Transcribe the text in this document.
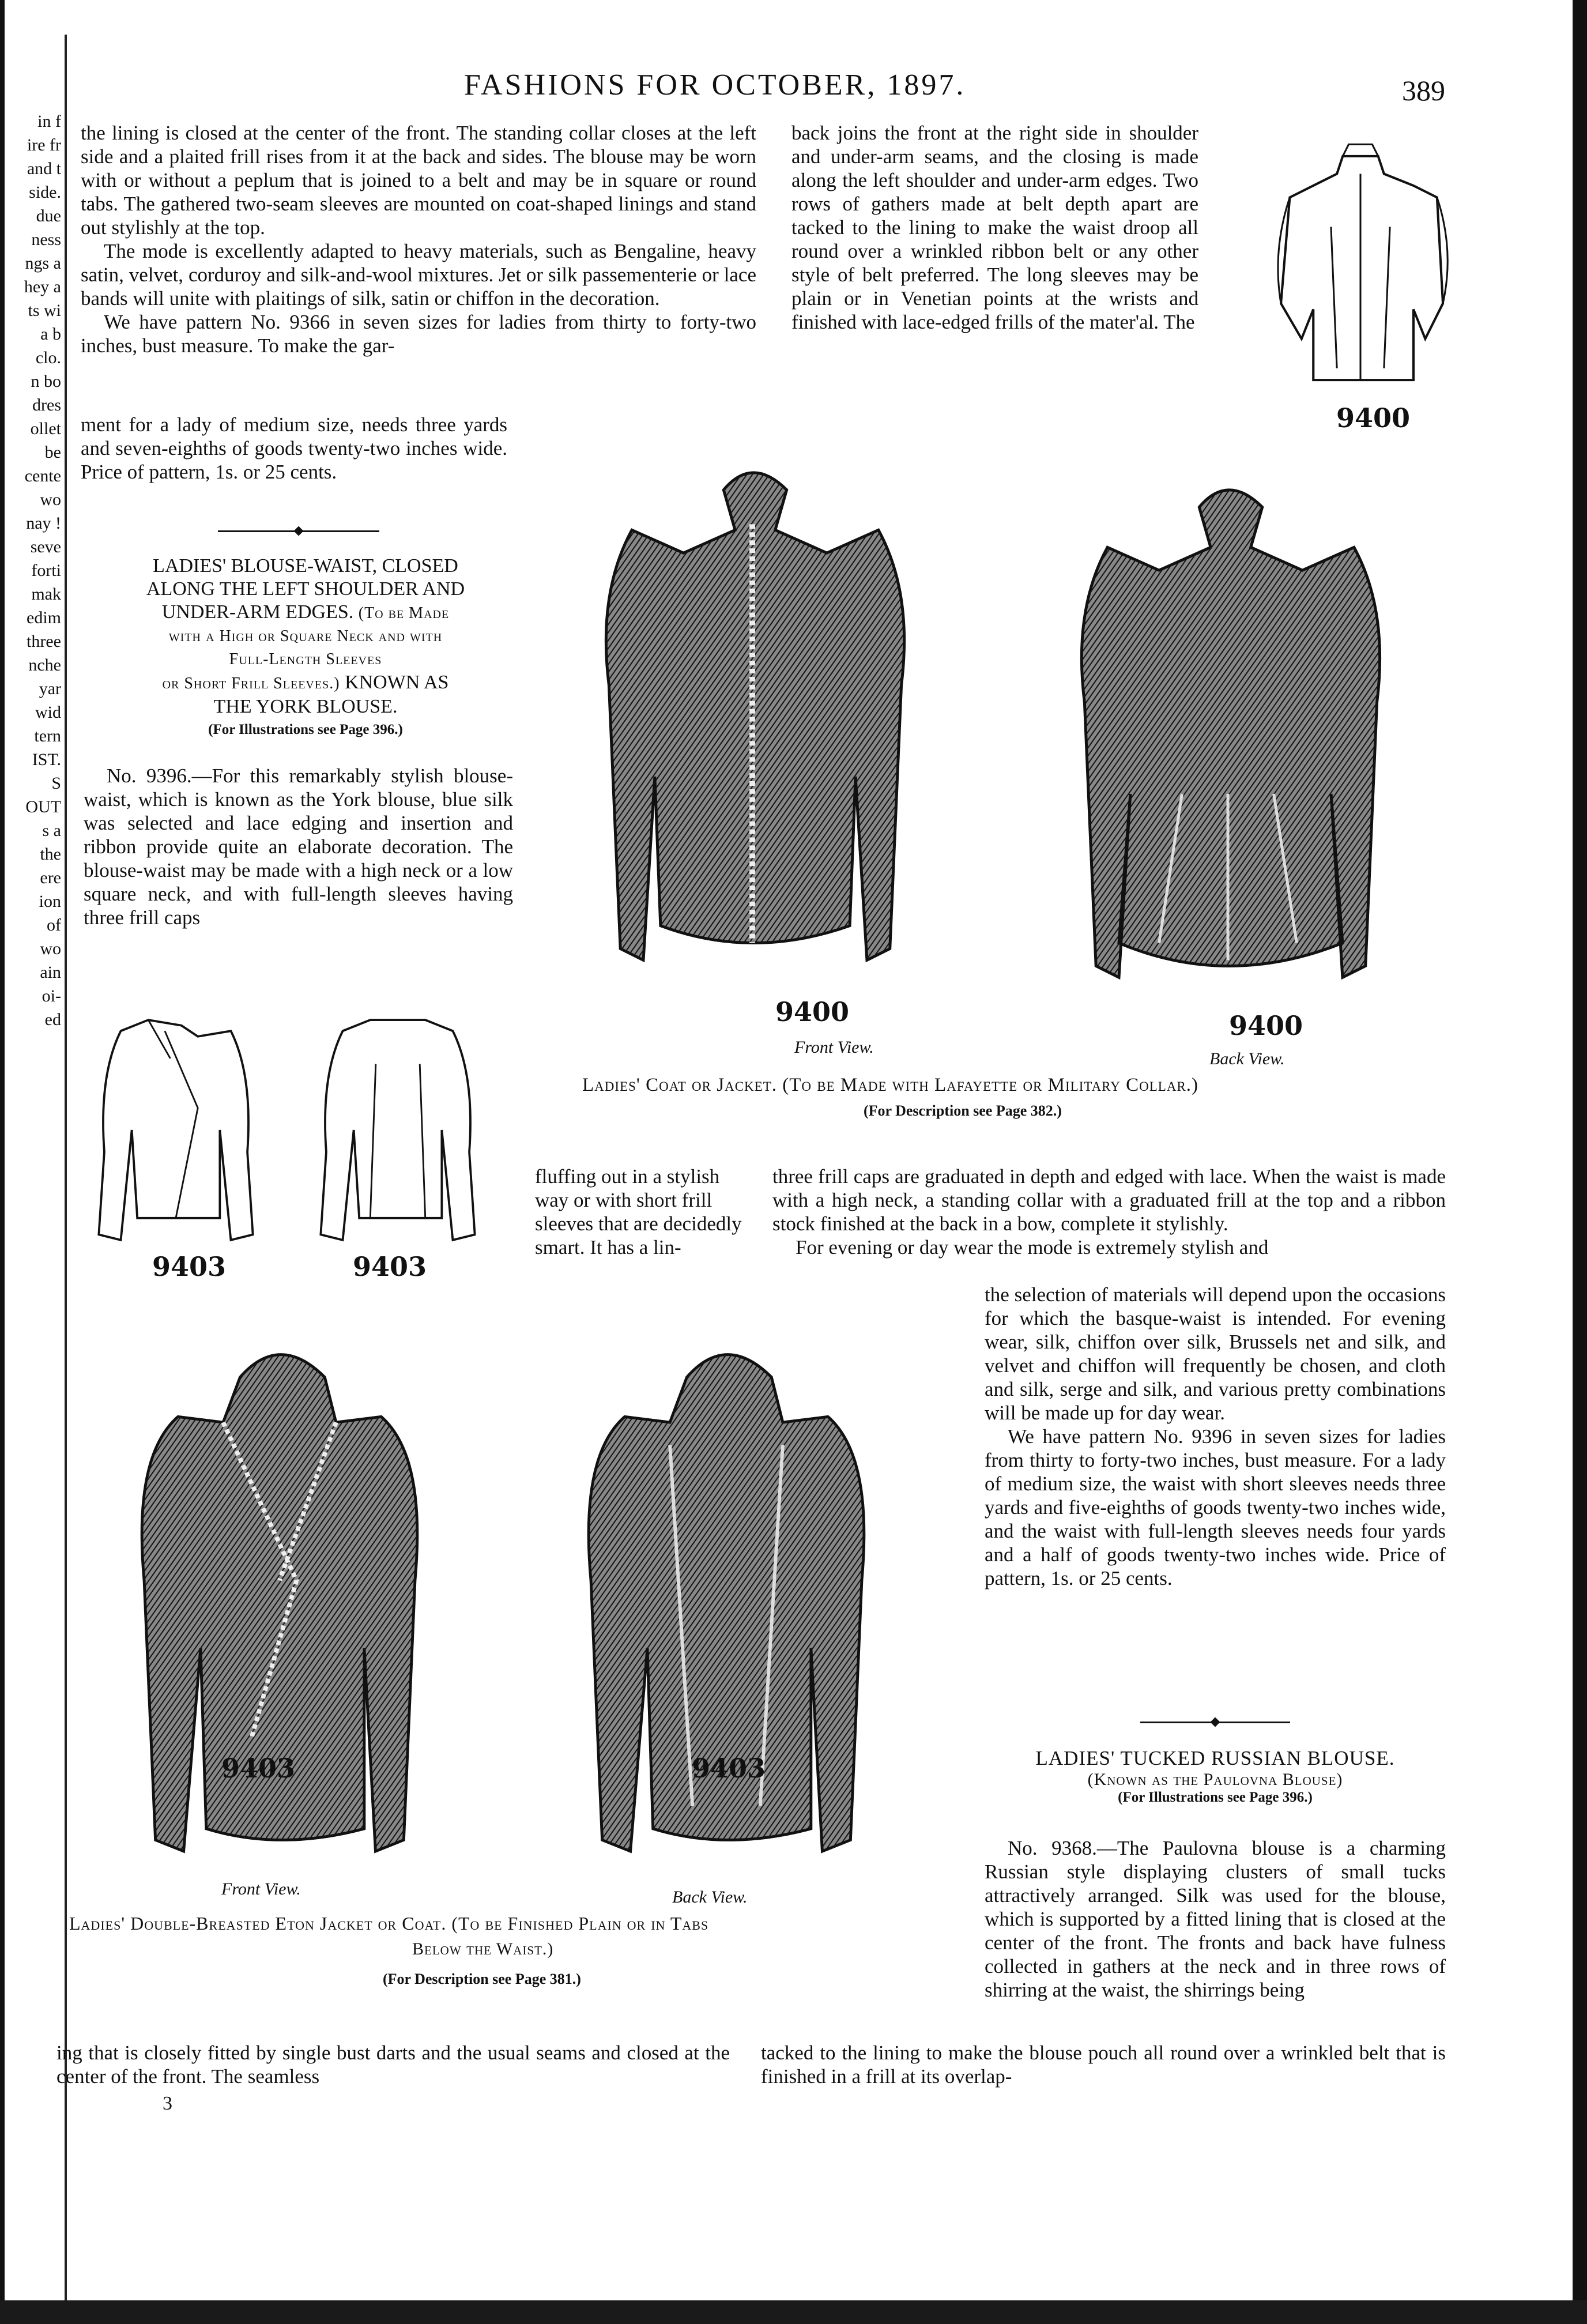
in f
ire fr
and t
side.
due
ness
ngs a
hey a
ts wi
a b
clo.
n bo
dres
ollet
be
cente
wo
nay !
seve
forti
mak
edim
three
nche
yar
wid
tern
IST.
S
OUT
s a
the
ere
ion
of
wo
ain
oi-
ed
FASHIONS FOR OCTOBER, 1897.	389

the lining is closed at the center of the front. The standing collar closes at the left side and a plaited frill rises from it at the back and sides. The blouse may be worn with or without a peplum that is joined to a belt and may be in square or round tabs. The gathered two-seam sleeves are mounted on coat-shaped linings and stand out stylishly at the top.

The mode is excellently adapted to heavy materials, such as Bengaline, heavy satin, velvet, corduroy and silk-and-wool mixtures. Jet or silk passementerie or lace bands will unite with plaitings of silk, satin or chiffon in the decoration.

We have pattern No. 9366 in seven sizes for ladies from thirty to forty-two inches, bust measure. To make the gar-

ment for a lady of medium size, needs three yards and seven-eighths of goods twenty-two inches wide. Price of pattern, 1s. or 25 cents.
LADIES' BLOUSE-WAIST, CLOSED
ALONG THE LEFT SHOULDER AND
UNDER-ARM EDGES. (To be Made
with a High or Square Neck and with
Full-Length Sleeves
or Short Frill Sleeves.) KNOWN AS
THE YORK BLOUSE.
(For Illustrations see Page 396.)
No. 9396.—For this remarkably stylish blouse-waist, which is known as the York blouse, blue silk was selected and lace edging and insertion and ribbon provide quite an elaborate decoration. The blouse-waist may be made with a high neck or a low square neck, and with full-length sleeves having three frill caps
back joins the front at the right side in shoulder and under-arm seams, and the closing is made along the left shoulder and under-arm edges. Two rows of gathers made at belt depth apart are tacked to the lining to make the waist droop all round over a wrinkled ribbon belt or any other style of belt preferred. The long sleeves may be plain or in Venetian points at the wrists and finished with lace-edged frills of the mater'al. The
9400
9400	9400
Front View.
Back View.
Ladies' Coat or Jacket. (To be Made with Lafayette or Military Collar.)
(For Description see Page 382.)
9403	9403
fluffing out in a stylish way or with short frill sleeves that are decidedly smart. It has a lin-

three frill caps are graduated in depth and edged with lace. When the waist is made with a high neck, a standing collar with a graduated frill at the top and a ribbon stock finished at the back in a bow, complete it stylishly.

For evening or day wear the mode is extremely stylish and

the selection of materials will depend upon the occasions for which the basque-waist is intended. For evening wear, silk, chiffon over silk, Brussels net and silk, and velvet and chiffon will frequently be chosen, and cloth and silk, serge and silk, and various pretty combinations will be made up for day wear.

We have pattern No. 9396 in seven sizes for ladies from thirty to forty-two inches, bust measure. For a lady of medium size, the waist with short sleeves needs three yards and five-eighths of goods twenty-two inches wide, and the waist with full-length sleeves needs four yards and a half of goods twenty-two inches wide. Price of pattern, 1s. or 25 cents.

LADIES' TUCKED RUSSIAN BLOUSE.
(Known as the Paulovna Blouse)
(For Illustrations see Page 396.)
No. 9368.—The Paulovna blouse is a charming Russian style displaying clusters of small tucks attractively arranged. Silk was used for the blouse, which is supported by a fitted lining that is closed at the center of the front. The fronts and back have fulness collected in gathers at the neck and in three rows of shirring at the waist, the shirrings being
9403	9403
Front View.	Back View.
Ladies' Double-Breasted Eton Jacket or Coat. (To be Finished Plain or in Tabs
Below the Waist.)
(For Description see Page 381.)
ing that is closely fitted by single bust darts and the usual seams and closed at the center of the front. The seamless
tacked to the lining to make the blouse pouch all round over a wrinkled belt that is finished in a frill at its overlap-
3
